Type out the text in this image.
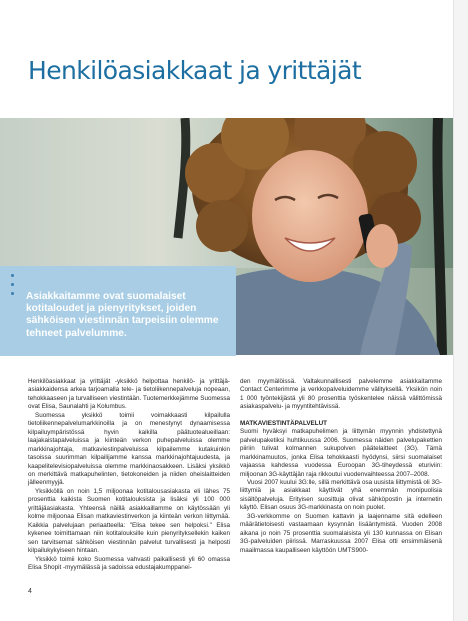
Henkilöasiakkaat ja yrittäjät

Asiakkaitamme ovat suomalaiset kotitaloudet ja pienyritykset, joiden sähköisen viestinnän tarpeisiin olemme tehneet palvelumme.

Henkilöasiakkaat ja yrittäjät -yksikkö helpottaa henkilö- ja yrittäjä-asiakkaidensa arkea tarjoamalla tele- ja tietoliikennepalveluja nopeaan, tehokkaaseen ja turvalliseen viestintään. Tuotemerkkejämme Suomessa ovat Elisa, Saunalahti ja Kolumbus.

Suomessa yksikkö toimii voimakkaasti kilpailulla tietoliikennepalvelumarkkinoilla ja on menestynyt dynaamisessa kilpailuympäristössä hyvin kaikilla päätuotealueillaan: laajakaistapalveluissa ja kiinteän verkon puhepalveluissa olemme markkinajohtaja, matkaviestinpalveluissa kilpailemme kutakuinkin tasoissa suurimman kilpailijamme kanssa markkinajohtajuudesta, ja kaapelitelevisiopalveluissa olemme markkinaosakkeen. Lisäksi yksikkö on merkittävä matkapuhelinten, tietokoneiden ja niiden oheislaitteiden jälleenmyyjä.

Yksikköllä on noin 1,5 miljoonaa kotitalousasiakasta eli lähes 75 prosenttia kaikista Suomen kotitalouksista ja lisäksi yli 100 000 yrittäjäasiakasta. Yhteensä näillä asiakkaillamme on käytössään yli kolme miljoonaa Elisan matkaviestinverkon ja kiinteän verkon liittymää. Kaikkia palvelujaan periaatteella: "Elisa tekee sen helpoksi." Elisa kykenee toimittamaan niin kotitalouksille kuin pienyrityksellekin kaiken sen tarvitsemat sähköisen viestinnän palvelut turvallisesti ja helposti kilpailukykyiseen hintaan.

Yksikkö toimii koko Suomessa vahvasti paikallisesti yli 60 omassa Elisa Shopit -myymälässä ja sadoissa edustajakumppanei-

den myymälöissä. Valtakunnallisesti palvelemme asiakkaitamme Contact Centerimme ja verkkopalveluidemme välityksellä. Yksikön noin 1 000 työntekijästä yli 80 prosenttia työskentelee näissä välittömissä asiakaspalvelu- ja myyntitehtävissä.

MATKAVIESTINTÄPALVELUT

Suomi hyväksyi matkapuhelimen ja liittymän myynnin yhdistettynä palvelupaketiksi huhtikuussa 2006. Suomessa näiden palvelupakettien piiriin tulivat kolmannen sukupolven päätelaitteet (3G). Tämä markkinamuutos, jonka Elisa tehokkaasti hyödynsi, siirsi suomalaiset vajaassa kahdessa vuodessa Euroopan 3G-tiheydessä eturiviin: miljoonan 3G-käyttäjän raja rikkoutui vuodenvaihteessa 2007–2008.

Vuosi 2007 kuului 3G:lle, sillä merkittävä osa uusista liittymistä oli 3G-liittymiä ja asiakkaat käyttivät yhä enemmän monipuolisia sisältöpalveluja. Erityisen suosittuja olivat sähköpostin ja internetin käyttö. Elisan osuus 3G-markkinasta on noin puolet.

3G-verkkomme on Suomen kattavin ja laajenname sitä edelleen määrätietoisesti vastaamaan kysynnän lisääntymistä. Vuoden 2008 aikana jo noin 75 prosenttia suomalaisista yli 130 kunnassa on Elisan 3G-palveluiden piirissä. Marraskuussa 2007 Elisa otti ensimmäisenä maailmassa kaupalliseen käyttöön UMTS900-

4
